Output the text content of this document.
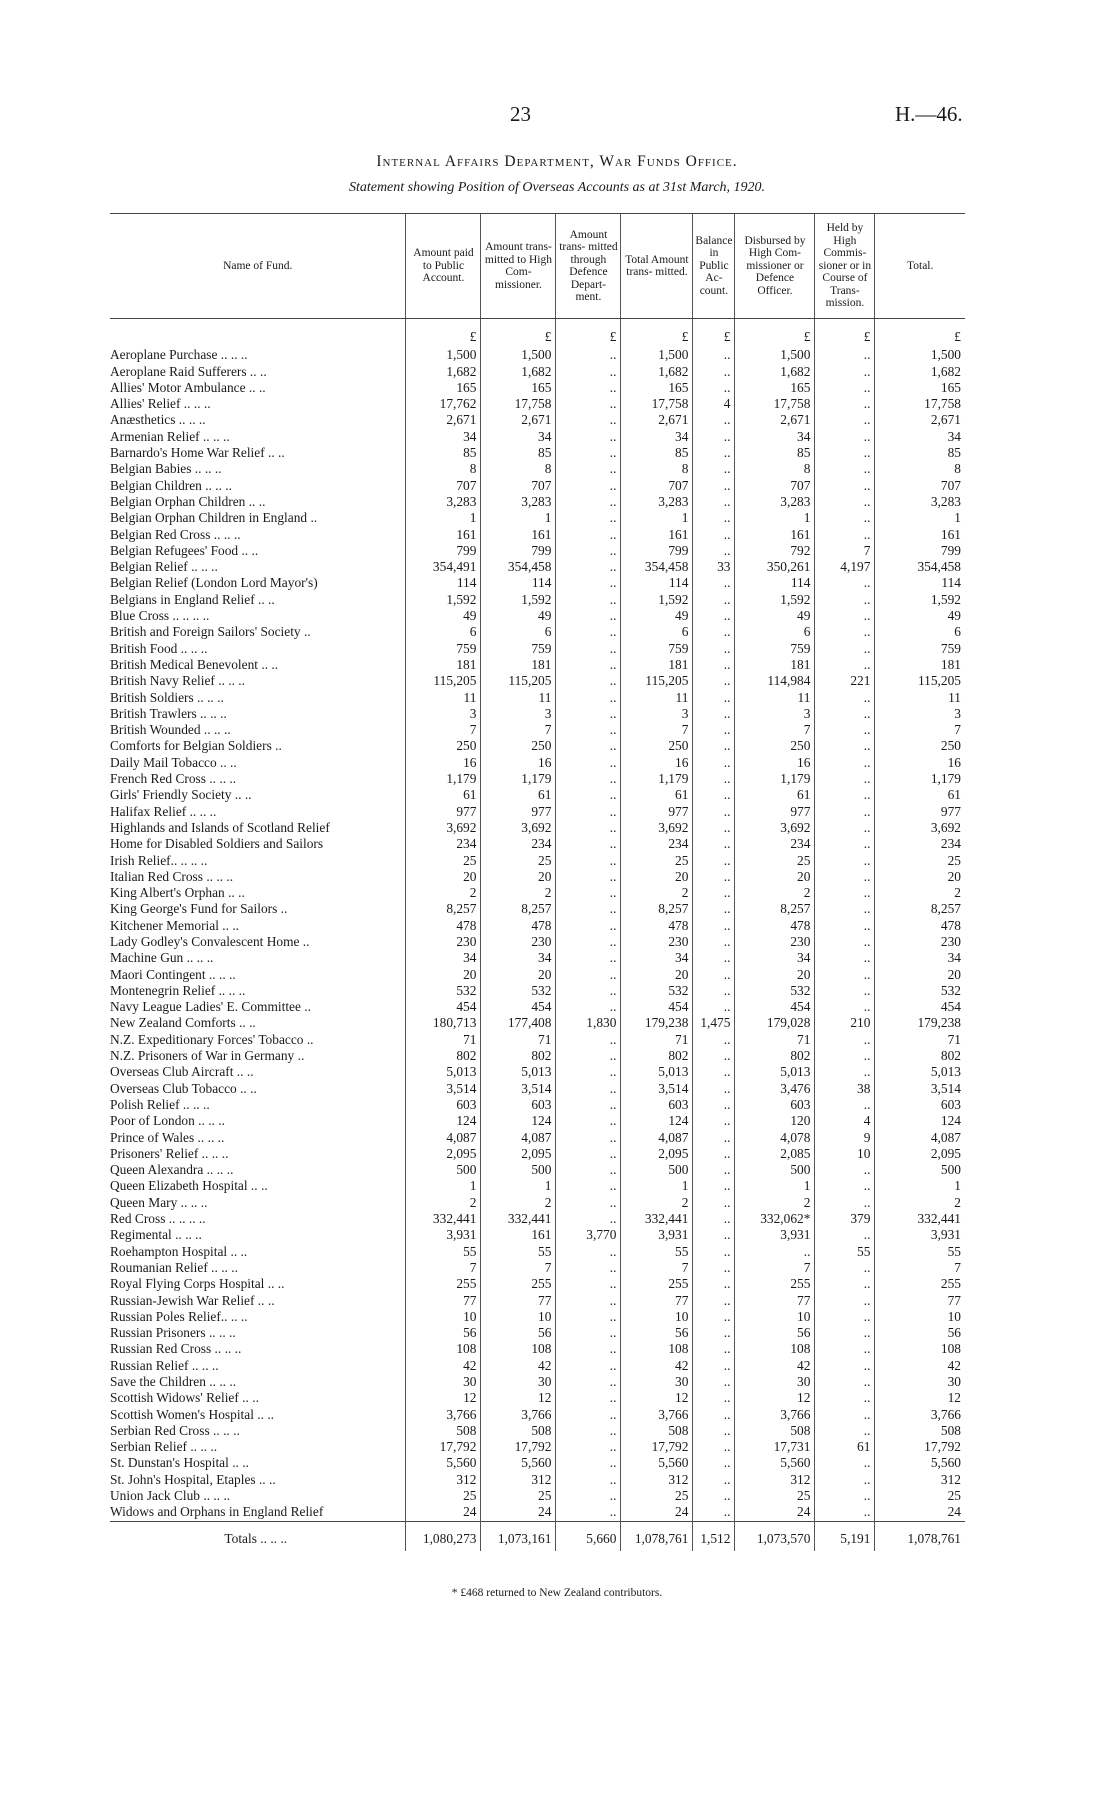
23	H.—46.
Internal Affairs Department, War Funds Office.
Statement showing Position of Overseas Accounts as at 31st March, 1920.
Name of Fund.	Amount paid to Public Account.	Amount trans- mitted to High Com- missioner.	Amount trans- mitted through Defence Depart- ment.	Total Amount trans- mitted.	Balance in Public Ac- count.	Disbursed by High Com- missioner or Defence Officer.	Held by High Commis- sioner or in Course of Trans- mission.	Total.
	£	£	£	£	£	£	£	£
Aeroplane Purchase .. .. ..	1,500	1,500	..	1,500	..	1,500	..	1,500
Aeroplane Raid Sufferers .. ..	1,682	1,682	..	1,682	..	1,682	..	1,682
Allies' Motor Ambulance .. ..	165	165	..	165	..	165	..	165
Allies' Relief .. .. ..	17,762	17,758	..	17,758	4	17,758	..	17,758
Anæsthetics .. .. ..	2,671	2,671	..	2,671	..	2,671	..	2,671
Armenian Relief .. .. ..	34	34	..	34	..	34	..	34
Barnardo's Home War Relief .. ..	85	85	..	85	..	85	..	85
Belgian Babies .. .. ..	8	8	..	8	..	8	..	8
Belgian Children .. .. ..	707	707	..	707	..	707	..	707
Belgian Orphan Children .. ..	3,283	3,283	..	3,283	..	3,283	..	3,283
Belgian Orphan Children in England ..	1	1	..	1	..	1	..	1
Belgian Red Cross .. .. ..	161	161	..	161	..	161	..	161
Belgian Refugees' Food .. ..	799	799	..	799	..	792	7	799
Belgian Relief .. .. ..	354,491	354,458	..	354,458	33	350,261	4,197	354,458
Belgian Relief (London Lord Mayor's)	114	114	..	114	..	114	..	114
Belgians in England Relief .. ..	1,592	1,592	..	1,592	..	1,592	..	1,592
Blue Cross .. .. .. ..	49	49	..	49	..	49	..	49
British and Foreign Sailors' Society ..	6	6	..	6	..	6	..	6
British Food .. .. ..	759	759	..	759	..	759	..	759
British Medical Benevolent .. ..	181	181	..	181	..	181	..	181
British Navy Relief .. .. ..	115,205	115,205	..	115,205	..	114,984	221	115,205
British Soldiers .. .. ..	11	11	..	11	..	11	..	11
British Trawlers .. .. ..	3	3	..	3	..	3	..	3
British Wounded .. .. ..	7	7	..	7	..	7	..	7
Comforts for Belgian Soldiers ..	250	250	..	250	..	250	..	250
Daily Mail Tobacco .. ..	16	16	..	16	..	16	..	16
French Red Cross .. .. ..	1,179	1,179	..	1,179	..	1,179	..	1,179
Girls' Friendly Society .. ..	61	61	..	61	..	61	..	61
Halifax Relief .. .. ..	977	977	..	977	..	977	..	977
Highlands and Islands of Scotland Relief	3,692	3,692	..	3,692	..	3,692	..	3,692
Home for Disabled Soldiers and Sailors	234	234	..	234	..	234	..	234
Irish Relief.. .. .. ..	25	25	..	25	..	25	..	25
Italian Red Cross .. .. ..	20	20	..	20	..	20	..	20
King Albert's Orphan .. ..	2	2	..	2	..	2	..	2
King George's Fund for Sailors ..	8,257	8,257	..	8,257	..	8,257	..	8,257
Kitchener Memorial .. ..	478	478	..	478	..	478	..	478
Lady Godley's Convalescent Home ..	230	230	..	230	..	230	..	230
Machine Gun .. .. ..	34	34	..	34	..	34	..	34
Maori Contingent .. .. ..	20	20	..	20	..	20	..	20
Montenegrin Relief .. .. ..	532	532	..	532	..	532	..	532
Navy League Ladies' E. Committee ..	454	454	..	454	..	454	..	454
New Zealand Comforts .. ..	180,713	177,408	1,830	179,238	1,475	179,028	210	179,238
N.Z. Expeditionary Forces' Tobacco ..	71	71	..	71	..	71	..	71
N.Z. Prisoners of War in Germany ..	802	802	..	802	..	802	..	802
Overseas Club Aircraft .. ..	5,013	5,013	..	5,013	..	5,013	..	5,013
Overseas Club Tobacco .. ..	3,514	3,514	..	3,514	..	3,476	38	3,514
Polish Relief .. .. ..	603	603	..	603	..	603	..	603
Poor of London .. .. ..	124	124	..	124	..	120	4	124
Prince of Wales .. .. ..	4,087	4,087	..	4,087	..	4,078	9	4,087
Prisoners' Relief .. .. ..	2,095	2,095	..	2,095	..	2,085	10	2,095
Queen Alexandra .. .. ..	500	500	..	500	..	500	..	500
Queen Elizabeth Hospital .. ..	1	1	..	1	..	1	..	1
Queen Mary .. .. ..	2	2	..	2	..	2	..	2
Red Cross .. .. .. ..	332,441	332,441	..	332,441	..	332,062*	379	332,441
Regimental .. .. ..	3,931	161	3,770	3,931	..	3,931	..	3,931
Roehampton Hospital .. ..	55	55	..	55	..	..	55	55
Roumanian Relief .. .. ..	7	7	..	7	..	7	..	7
Royal Flying Corps Hospital .. ..	255	255	..	255	..	255	..	255
Russian-Jewish War Relief .. ..	77	77	..	77	..	77	..	77
Russian Poles Relief.. .. ..	10	10	..	10	..	10	..	10
Russian Prisoners .. .. ..	56	56	..	56	..	56	..	56
Russian Red Cross .. .. ..	108	108	..	108	..	108	..	108
Russian Relief .. .. ..	42	42	..	42	..	42	..	42
Save the Children .. .. ..	30	30	..	30	..	30	..	30
Scottish Widows' Relief .. ..	12	12	..	12	..	12	..	12
Scottish Women's Hospital .. ..	3,766	3,766	..	3,766	..	3,766	..	3,766
Serbian Red Cross .. .. ..	508	508	..	508	..	508	..	508
Serbian Relief .. .. ..	17,792	17,792	..	17,792	..	17,731	61	17,792
St. Dunstan's Hospital .. ..	5,560	5,560	..	5,560	..	5,560	..	5,560
St. John's Hospital, Etaples .. ..	312	312	..	312	..	312	..	312
Union Jack Club .. .. ..	25	25	..	25	..	25	..	25
Widows and Orphans in England Relief	24	24	..	24	..	24	..	24
Totals .. .. ..	1,080,273	1,073,161	5,660	1,078,761	1,512	1,073,570	5,191	1,078,761
* £468 returned to New Zealand contributors.
